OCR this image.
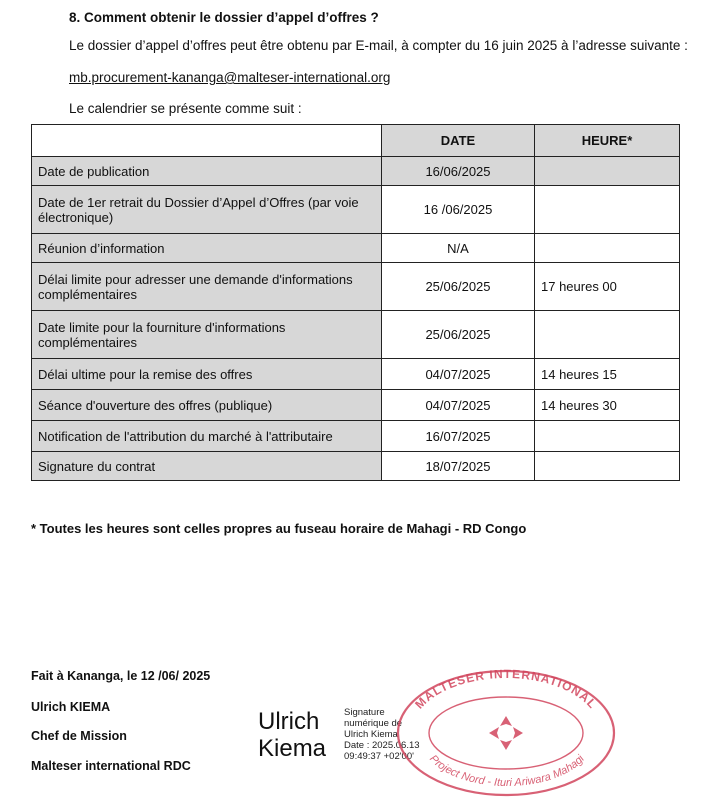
8. Comment obtenir le dossier d’appel d’offres ?
Le dossier d’appel d’offres peut être obtenu par E-mail, à compter du 16 juin 2025 à l’adresse suivante :
mb.procurement-kananga@malteser-international.org
Le calendrier se présente comme suit :
	DATE	HEURE*
Date de publication	16/06/2025	
Date de 1er retrait du Dossier d’Appel d’Offres (par voie électronique)	16 /06/2025	
Réunion d’information	N/A	
Délai limite pour adresser une demande d'informations complémentaires	25/06/2025	17 heures 00
Date limite pour la fourniture d'informations complémentaires	25/06/2025	
Délai ultime pour la remise des offres	04/07/2025	14 heures 15
Séance d'ouverture des offres (publique)	04/07/2025	14 heures 30
Notification de l'attribution du marché à l'attributaire	16/07/2025	
Signature du contrat	18/07/2025	
* Toutes les heures sont celles propres au fuseau horaire de Mahagi - RD Congo
Fait à Kananga, le 12 /06/ 2025
Ulrich KIEMA
Chef de Mission
Malteser international RDC
Ulrich
Kiema
Signature
numérique de
Ulrich Kiema
Date : 2025.06.13
09:49:37 +02'00'
MALTESER INTERNATIONAL
Project Nord - Ituri Ariwara Mahagi
